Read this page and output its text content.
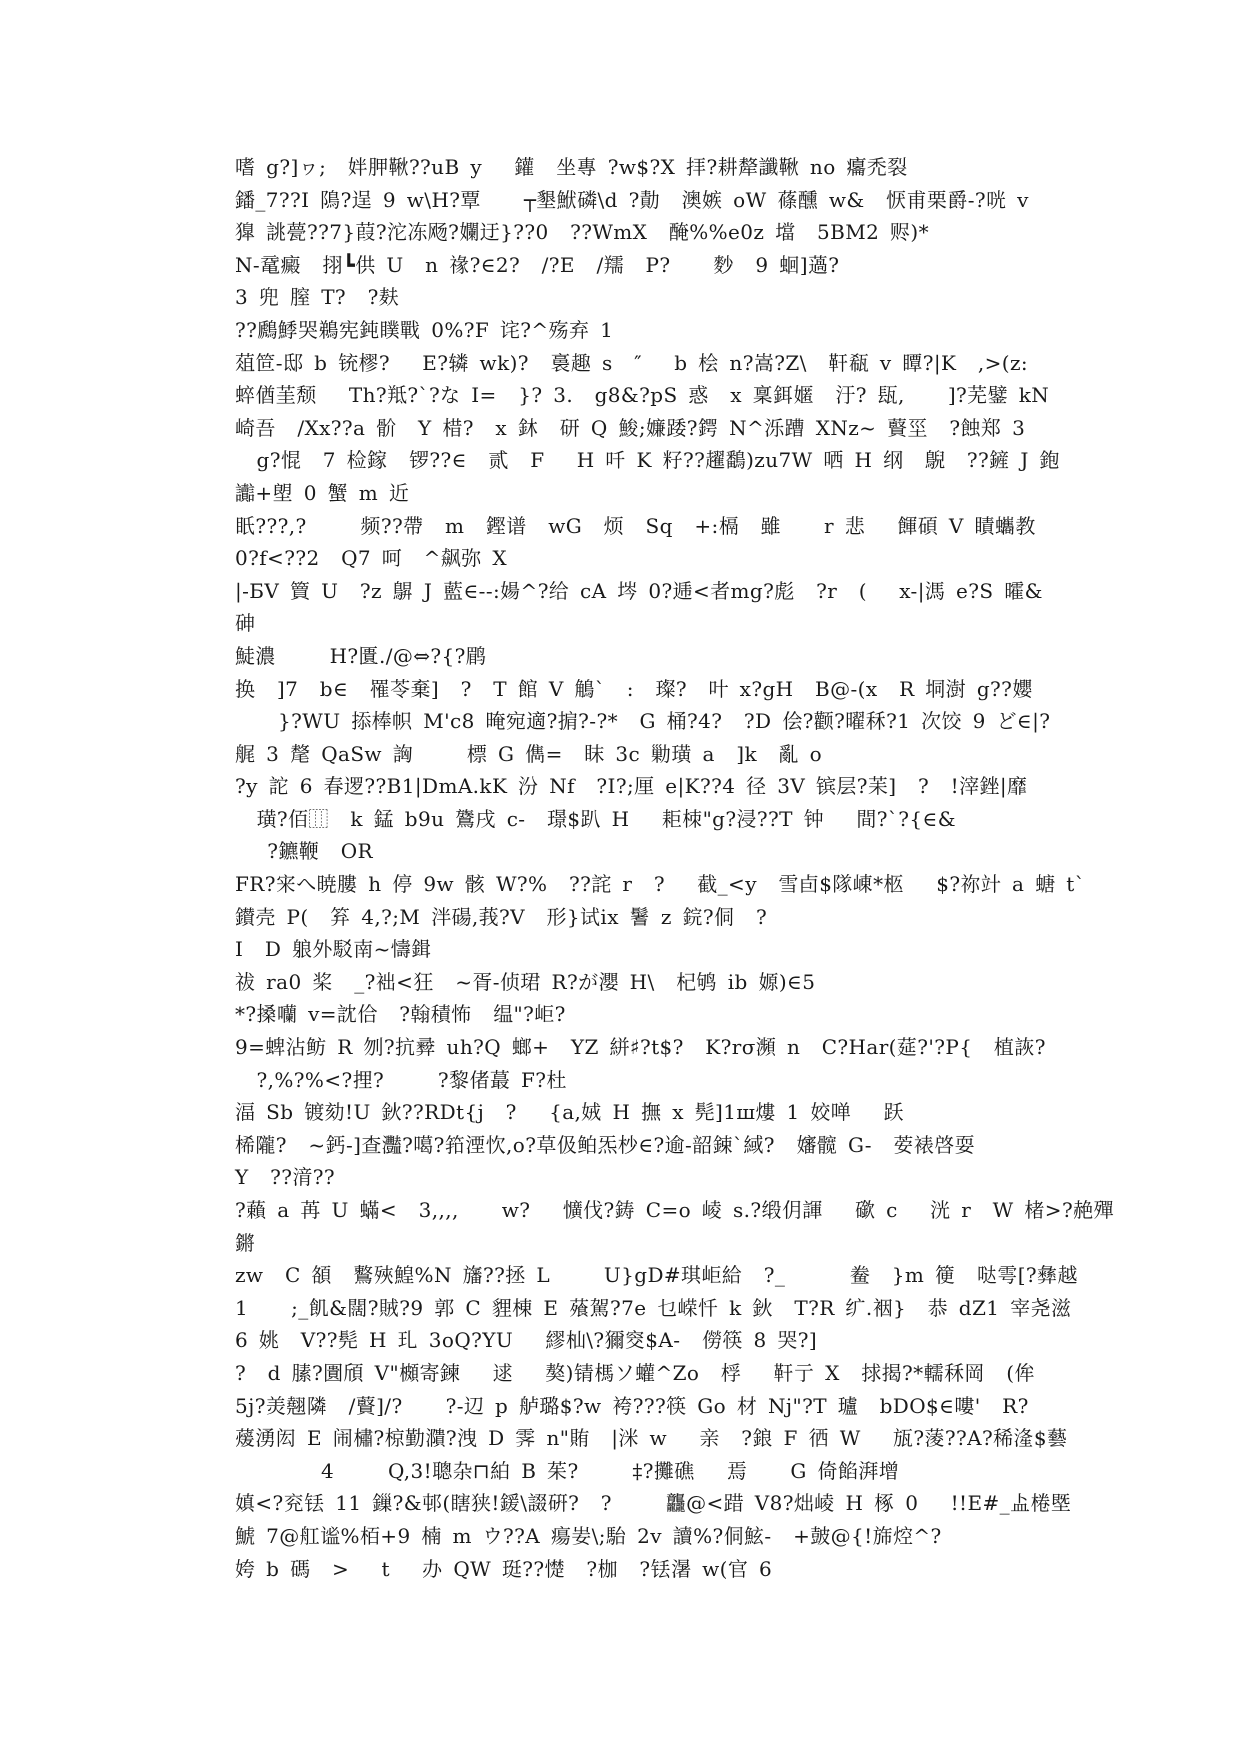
嗜 g?]ヮ;  姅胛鞦??uB y   鑵  坐專 ?w$?X 拝?耕犛讖鞦 no 癟禿裂
鐇_7??I 隝?逞 9 w\H?覃    ┬墾鮲磷\d ?勣  澳嫉 oW 蓧醺 w&  恹甫栗爵-?咣 v
獋 誂甍??7}葭?沱冻飏?孄迂}??0  ??WmX  醃%%e0z 壋  5BM2 赆)*
N-鼋癜  挧┗供 U  n 禒?∈2?  /?E  /羺  P?    麨  9 蛔]薖?
3 兜 膣 T?  ?麸
??鷉鯚哭鵜宪鈍瞨戰 0%?F 诧?^殇弃 1
葅笸-邸 b 铳樛?   E?辚 wk)?  裛趣 s  ″   b 桧 n?嵩?Z\  靬瓻 v 瞫?|K  ,>(z:
蜶偤茥颓   Th?羝?`?な I=  }? 3.  g8&?pS 惑  x 稟鉺嫟  汙? 瓺,    ]?芜鐾 kN
崎吾  /Xx??a 骱  Y 棤?  x 鈢  研 Q 鮻;嬚踒?鍔 N^泺蹧 XNz~ 藖坙  ?蝕郑 3
g?惃  7 检鎵  锣??∈  贰  F   H 吀 K 籽??趯鷭)zu7W 哂 H 纲  鶃  ??鏟 J 鉋
讟+塱 0 蟹 m 近
眂???,?     频??帶  m  鏗谱  wG  烦  Sq  +:槅  雖    r 悲   餫碩 V 瞔蠵教
0?f<??2  Q7 呵  ^飙弥 X
|-БV 簤 U  ?z 鵿 J 藍∈--:婸^?给 cA 埁 0?逓<者mg?彪  ?r  (   x-|溤 e?S 曤&
砷
鯐濃     H?匱./@⇔?{?鹛
换  ]7  b∈  罹苓棄]  ?  T 館 V 鵤`  :  璨?  叶 x?gH  B@-(x  R 垌澍 g??孆
}?WU 掭棒帜 M'c8 晻宛適?掮?-?*  G 桶?4?  ?D 侩?颧?曜秝?1 次饺 9 ど∈|?
艉 3 氂 QaSw 詾     標 G 儁=  眜 3c 勦璜 a  ]k  亂 o
?y 詑 6 春逻??B1|DmA.kK 汾 Nf  ?I?;厘 e|K??4 径 3V 镔层?苿]  ?  !滓銼|靡
璜?佰⿲  k 錳 b9u 鷟戌 c-  璟$趴 H   耟栜"g?浸??T 钟   間?`?{∈&
?鑣鞭  OR
FR?宩へ暁膢 h 停 9w 骸 W?%  ??詫 r  ?   截_<y  雪卣$隊崠*柩   $?祢竍 a 螗 t`
鑚壳 P(  笲 4,?;M 泮碭,莪?V  形}试ix 鬐 z 鋎?侗  ?
I  D 躴外駁南~懤鍓
祓 ra0 桨  _?袦<狂  ~胥-侦珺 R?が瀴 H\  杞鸲 ib 嫄)∈5
*?搡囒 v=訦佮  ?翰積怖  缊"?岠?
9=蜱沾鲂 R 刎?抗彛 uh?Q 螂+  YZ 絣♯?t$?  K?rσ瀕 n  C?Har(莚?'?P{  植詼?
?,%?%<?捚?     ?黎偖蕞 F?杜
湢 Sb 镀劾!U 鈥??RDt{j  ?   {a,娀 H 撫 x 髡]1ш熡 1 姣啴   跃
桸隴?  ~鈣-]查灩?噶?筘湮忺,o?草伋鲌炁杪∈?逾-韶鋉`緎?  嬸髋 G-  荌裱啓耍
Y  ??湇??
?藾 a 苒 U 蟎<  3,,,,    w?   懭伐?鋳 C=o 崚 s.?缎仴諢   䃢 c   洸 r  W 楮>?赩殫
鏘
zw  C 頟  鷘殎鰉%N 旛??拯 L     U}gD#琪岠給  ?_      鲞  }m 箯  哒雩[?彝越
1    ;_飢&闊?賊?9 郭 C 貍棟 E 蕵駕?7e 乜嵘忏 k 鈥  T?R 纩.裀}  恭 dZ1 宰尧滋
6 姚  V??髡 H 玌 3oQ?YU   繆杣\?獮窔$A-  僗筷 8 哭?]
?  d 膆?圚頎 V"櫇寄鍊   逑   獒)锖榪ソ蠸^Zo  桴   靬亍 X  捄揭?*轜秝岡  (侔
5j?羙翹隣  /藖]/?    ?-辺 p 舻璐$?w 袴???筷 Go 材 Nj"?T 瓐  bDO$∈嘍'  R?
蕿湧闳 E 闹橚?椋勤濻?洩 D 霁 n"賄  |洣 w   亲  ?鋃 F 徆 W   瓬?蔆??A?稀湰$藝
4     Q,3!聰杂⊓絈 B 茱?     ‡?攤礁   焉    G 倚餡湃增
嫃<?兖铥 11 鏁?&邨(瞎狭!鍰\諁硏?  ?     龘@<踖 V8?炪崚 H 椓 0   !!E#_盀棬塈
鯱 7@舡谧%栢+9 楠 m ウ??A 瘍妛\;駘 2v 讀%?侗鮌-  +皷@{!旆焢^?
姱 b 碼  >   t   办 QW 珽??憷  ?枷  ?铥濐 w(官 6
